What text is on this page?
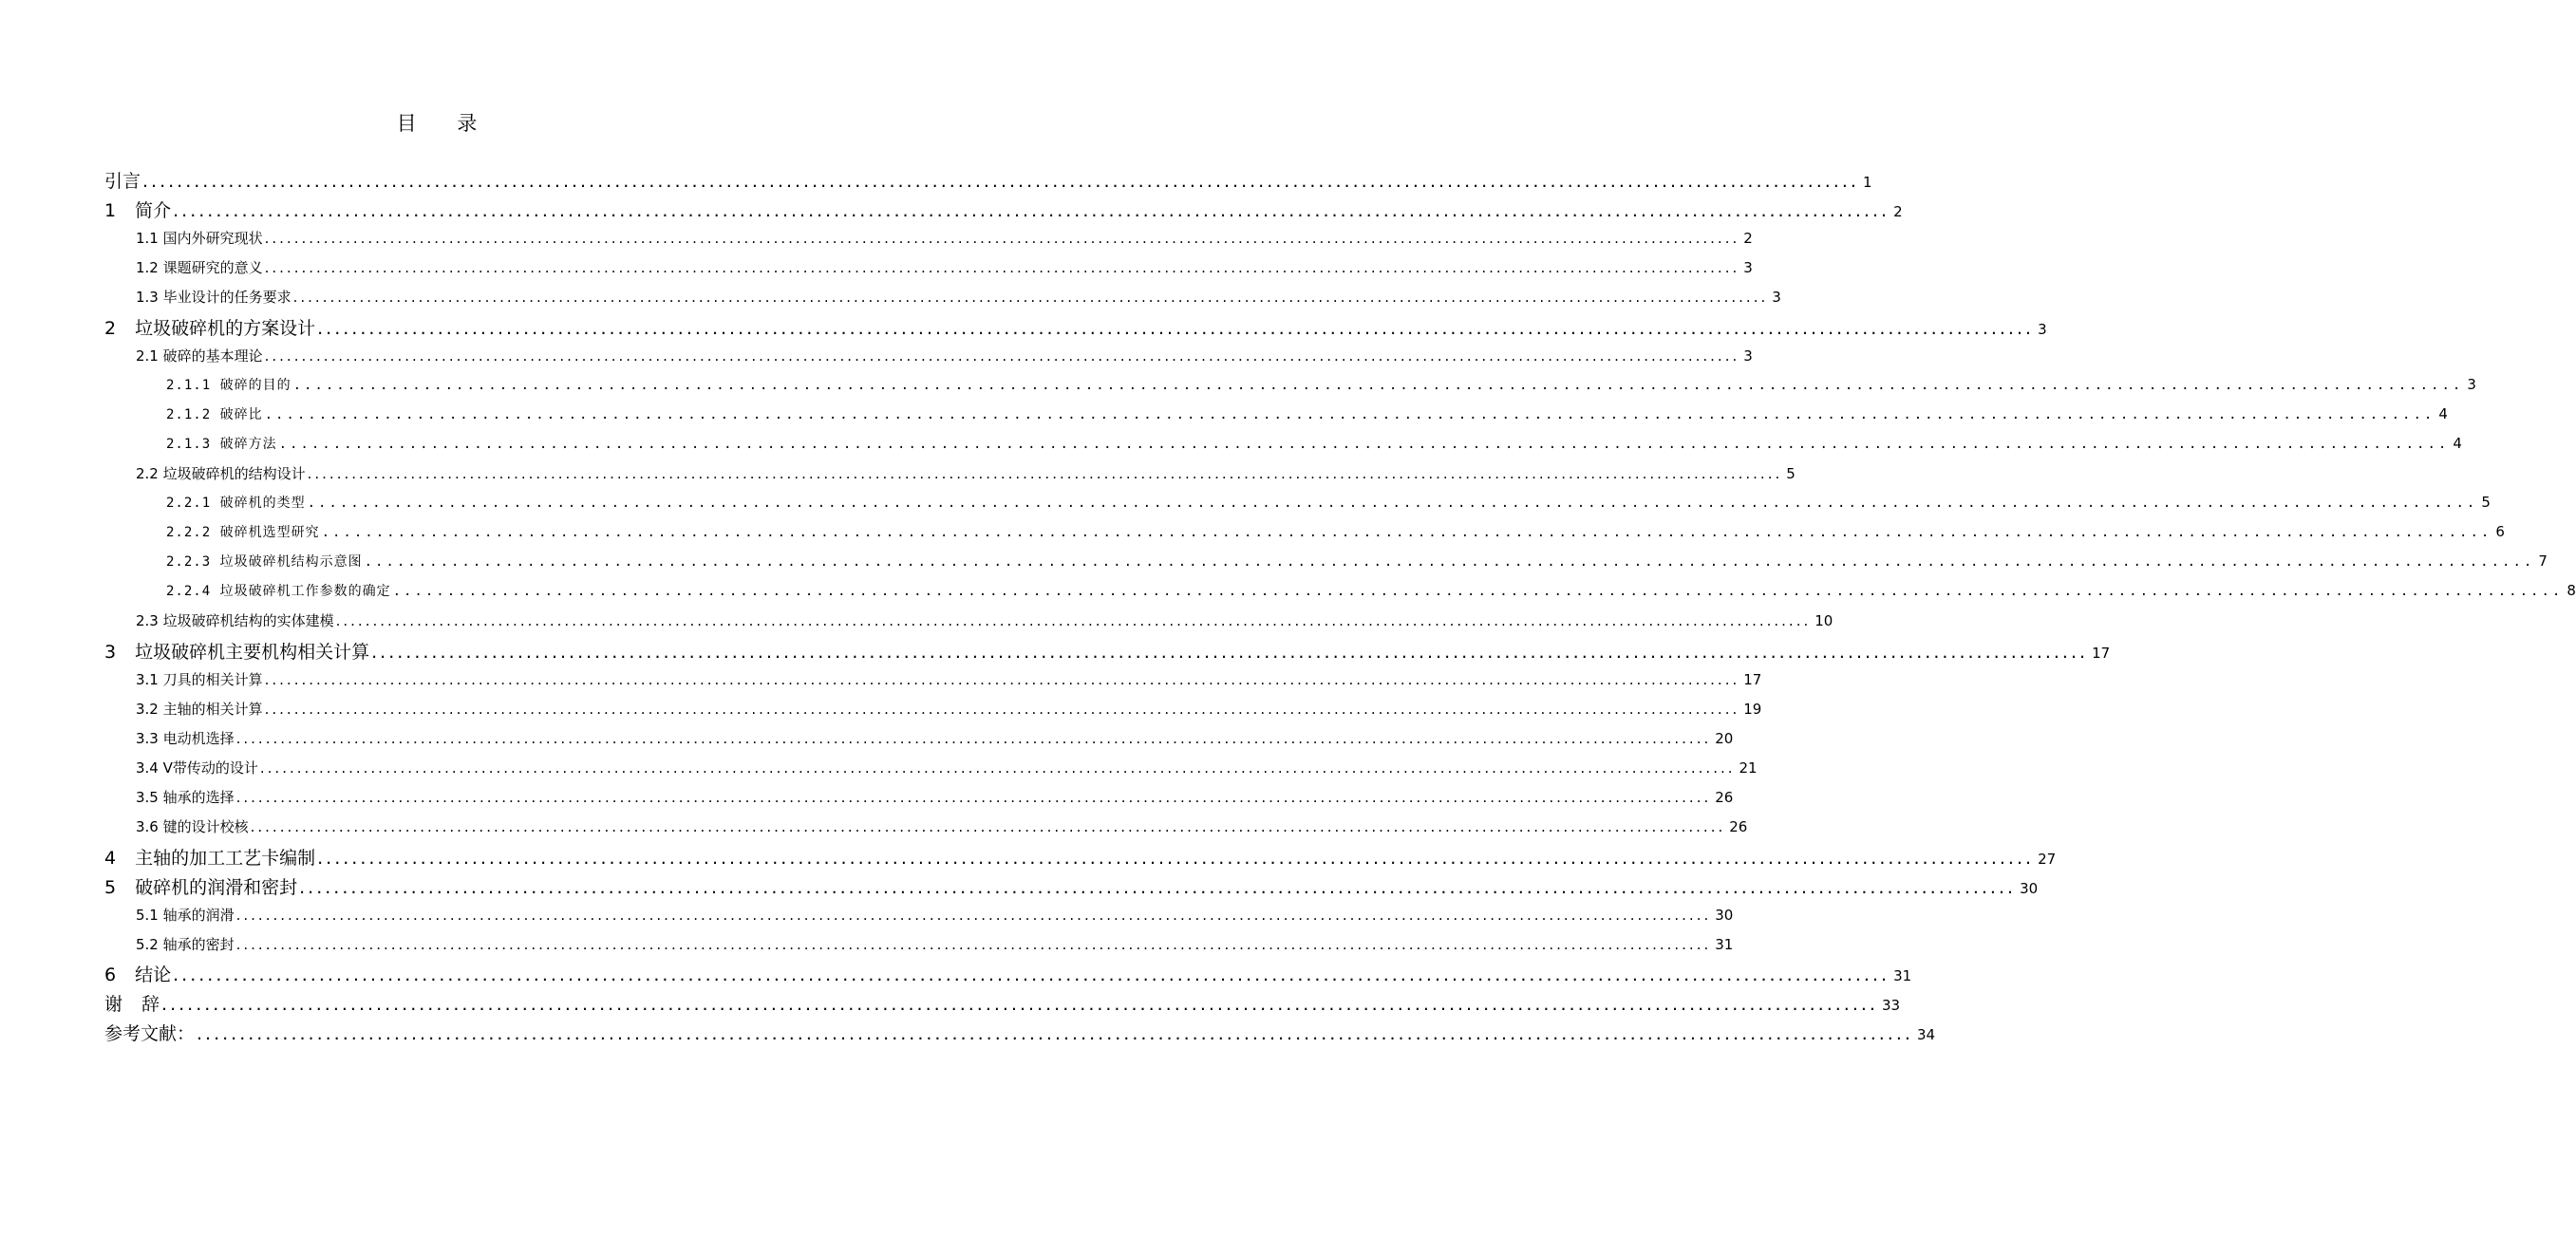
目 录
引言 ........................................................................................................................................................................................................ 1
1 简介 ........................................................................................................................................................................................................ 2
1.1 国内外研究现状 ........................................................................................................................................................................................................ 2
1.2 课题研究的意义 ........................................................................................................................................................................................................ 3
1.3 毕业设计的任务要求 ........................................................................................................................................................................................................ 3
2 垃圾破碎机的方案设计 ........................................................................................................................................................................................................ 3
2.1 破碎的基本理论 ........................................................................................................................................................................................................ 3
2.1.1 破碎的目的 ........................................................................................................................................................................................................ 3
2.1.2 破碎比 ........................................................................................................................................................................................................ 4
2.1.3 破碎方法 ........................................................................................................................................................................................................ 4
2.2 垃圾破碎机的结构设计 ........................................................................................................................................................................................................ 5
2.2.1 破碎机的类型 ........................................................................................................................................................................................................ 5
2.2.2 破碎机选型研究 ........................................................................................................................................................................................................ 6
2.2.3 垃圾破碎机结构示意图 ........................................................................................................................................................................................................ 7
2.2.4 垃圾破碎机工作参数的确定 ........................................................................................................................................................................................................ 8
2.3 垃圾破碎机结构的实体建模 ........................................................................................................................................................................................................ 10
3 垃圾破碎机主要机构相关计算 ........................................................................................................................................................................................................ 17
3.1 刀具的相关计算 ........................................................................................................................................................................................................ 17
3.2 主轴的相关计算 ........................................................................................................................................................................................................ 19
3.3 电动机选择 ........................................................................................................................................................................................................ 20
3.4 V带传动的设计 ........................................................................................................................................................................................................ 21
3.5 轴承的选择 ........................................................................................................................................................................................................ 26
3.6 键的设计校核 ........................................................................................................................................................................................................ 26
4 主轴的加工工艺卡编制 ........................................................................................................................................................................................................ 27
5 破碎机的润滑和密封 ........................................................................................................................................................................................................ 30
5.1 轴承的润滑 ........................................................................................................................................................................................................ 30
5.2 轴承的密封 ........................................................................................................................................................................................................ 31
6 结论 ........................................................................................................................................................................................................ 31
谢 辞 ........................................................................................................................................................................................................ 33
参考文献： ........................................................................................................................................................................................................ 34
